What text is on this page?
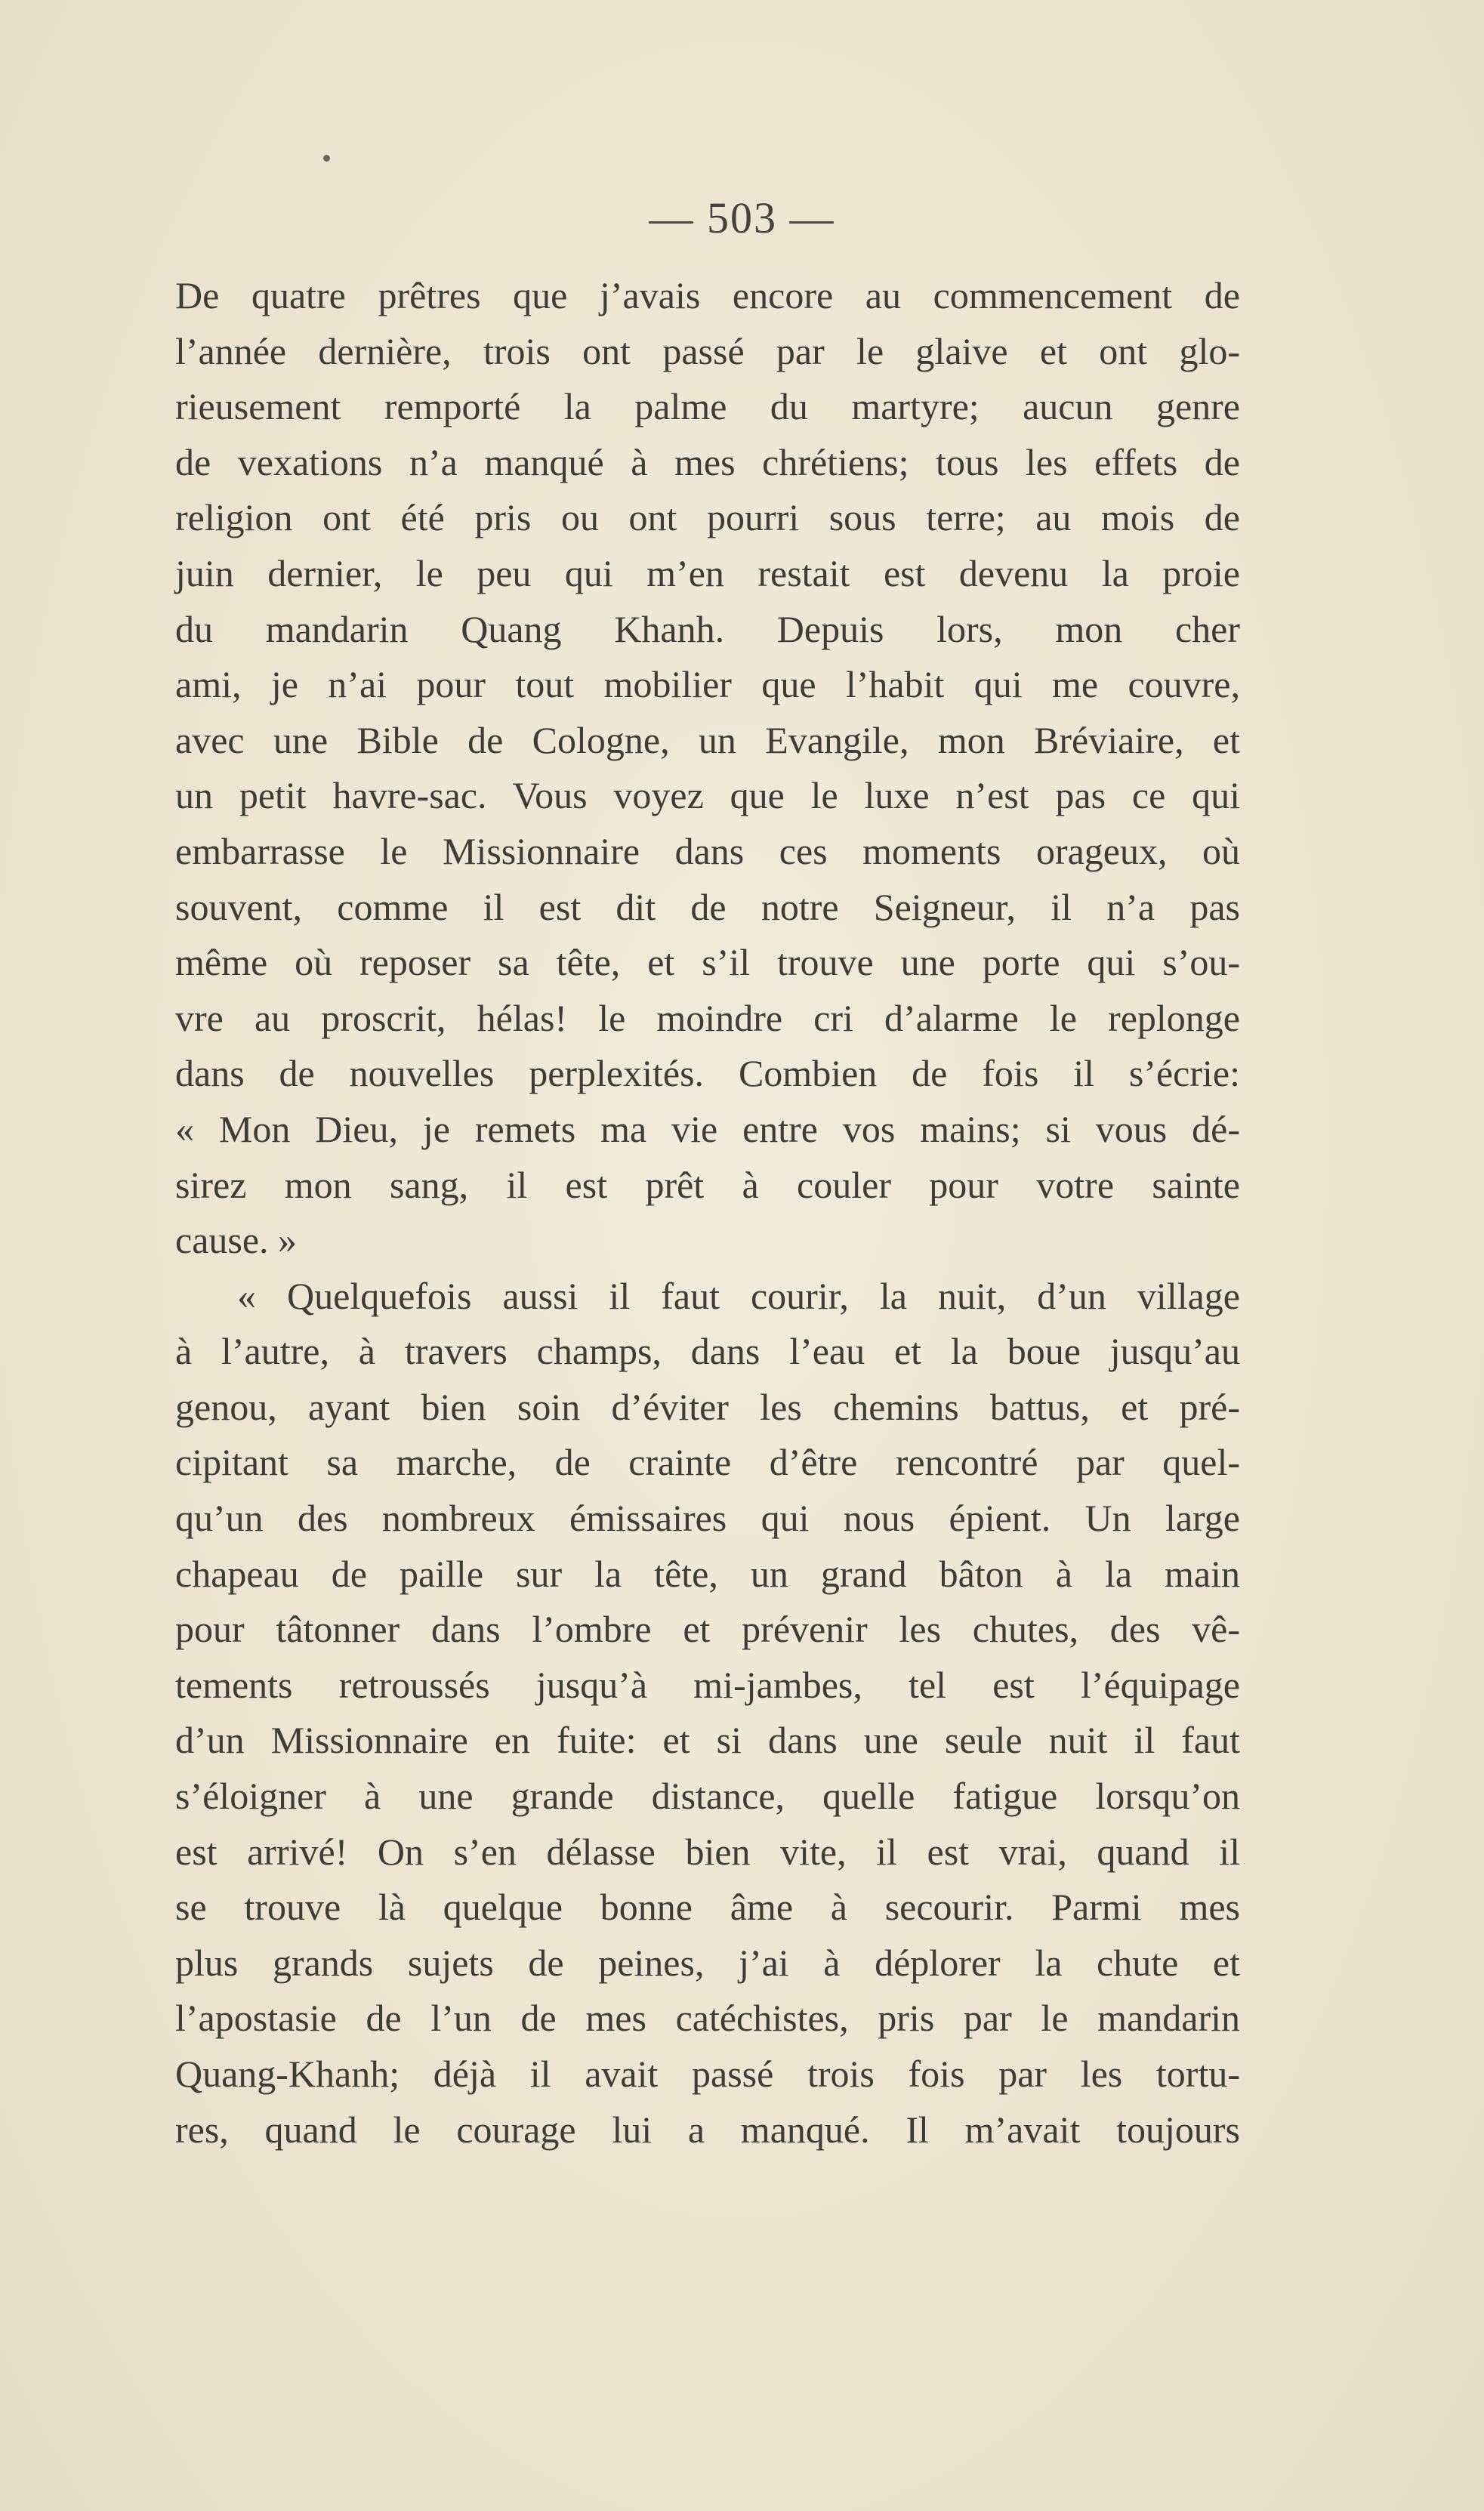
— 503 —
De quatre prêtres que j’avais encore au commencement de
l’année dernière, trois ont passé par le glaive et ont glo-
rieusement remporté la palme du martyre; aucun genre
de vexations n’a manqué à mes chrétiens; tous les effets de
religion ont été pris ou ont pourri sous terre; au mois de
juin dernier, le peu qui m’en restait est devenu la proie
du mandarin Quang Khanh. Depuis lors, mon cher
ami, je n’ai pour tout mobilier que l’habit qui me couvre,
avec une Bible de Cologne, un Evangile, mon Bréviaire, et
un petit havre-sac. Vous voyez que le luxe n’est pas ce qui
embarrasse le Missionnaire dans ces moments orageux, où
souvent, comme il est dit de notre Seigneur, il n’a pas
même où reposer sa tête, et s’il trouve une porte qui s’ou-
vre au proscrit, hélas! le moindre cri d’alarme le replonge
dans de nouvelles perplexités. Combien de fois il s’écrie:
« Mon Dieu, je remets ma vie entre vos mains; si vous dé-
sirez mon sang, il est prêt à couler pour votre sainte
cause. »
« Quelquefois aussi il faut courir, la nuit, d’un village
à l’autre, à travers champs, dans l’eau et la boue jusqu’au
genou, ayant bien soin d’éviter les chemins battus, et pré-
cipitant sa marche, de crainte d’être rencontré par quel-
qu’un des nombreux émissaires qui nous épient. Un large
chapeau de paille sur la tête, un grand bâton à la main
pour tâtonner dans l’ombre et prévenir les chutes, des vê-
tements retroussés jusqu’à mi-jambes, tel est l’équipage
d’un Missionnaire en fuite: et si dans une seule nuit il faut
s’éloigner à une grande distance, quelle fatigue lorsqu’on
est arrivé! On s’en délasse bien vite, il est vrai, quand il
se trouve là quelque bonne âme à secourir. Parmi mes
plus grands sujets de peines, j’ai à déplorer la chute et
l’apostasie de l’un de mes catéchistes, pris par le mandarin
Quang-Khanh; déjà il avait passé trois fois par les tortu-
res, quand le courage lui a manqué. Il m’avait toujours
